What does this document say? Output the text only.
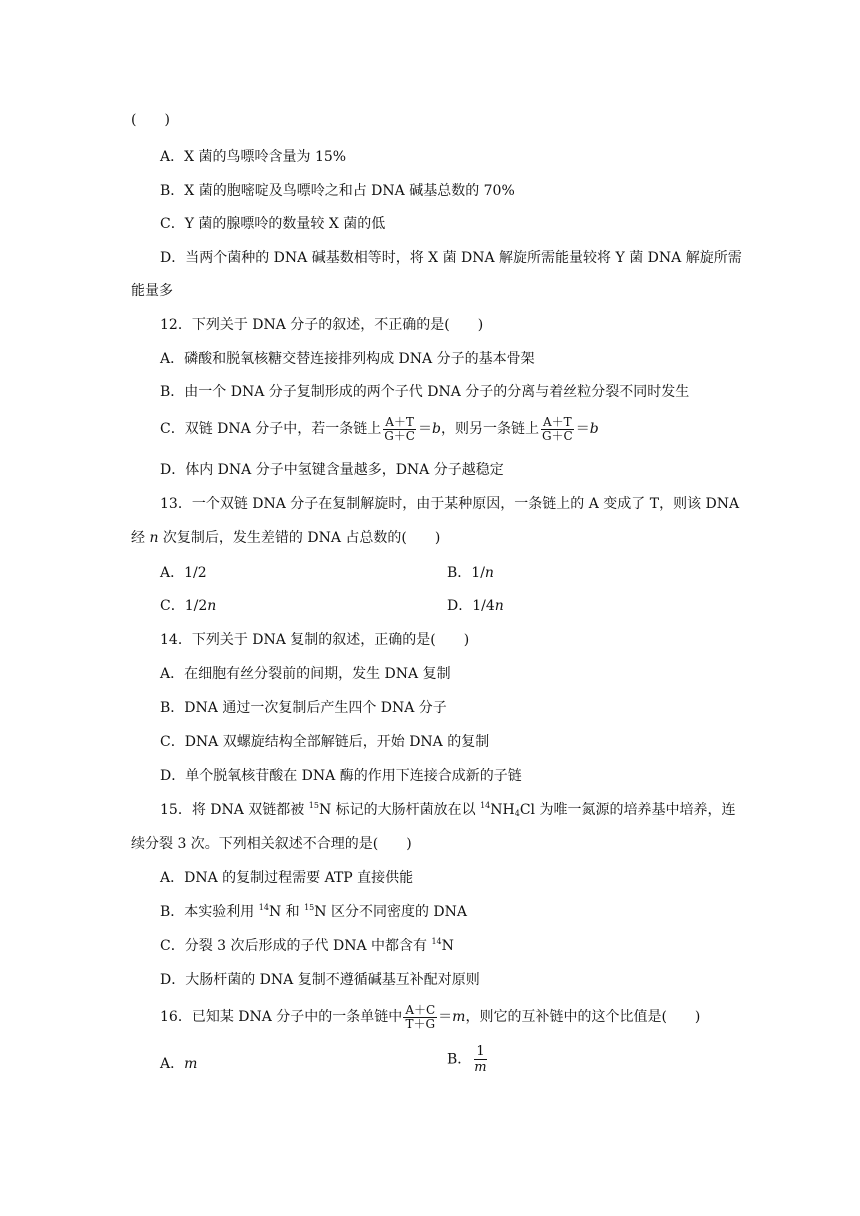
(　　)
A．X 菌的鸟嘌呤含量为 15%
B．X 菌的胞嘧啶及鸟嘌呤之和占 DNA 碱基总数的 70%
C．Y 菌的腺嘌呤的数量较 X 菌的低
D．当两个菌种的 DNA 碱基数相等时，将 X 菌 DNA 解旋所需能量较将 Y 菌 DNA 解旋所需
能量多
12．下列关于 DNA 分子的叙述，不正确的是(　　)
A．磷酸和脱氧核糖交替连接排列构成 DNA 分子的基本骨架
B．由一个 DNA 分子复制形成的两个子代 DNA 分子的分离与着丝粒分裂不同时发生
C．双链 DNA 分子中，若一条链上 $\frac{A+T}{G+C} =b$，则另一条链上 $\frac{A+T}{G+C} =b$
D．体内 DNA 分子中氢键含量越多，DNA 分子越稳定
13．一个双链 DNA 分子在复制解旋时，由于某种原因，一条链上的 A 变成了 T，则该 DNA
经 n 次复制后，发生差错的 DNA 占总数的(　　)
A．1/2	B．1/n
C．1/2n	D．1/4n
14．下列关于 DNA 复制的叙述，正确的是(　　)
A．在细胞有丝分裂前的间期，发生 DNA 复制
B．DNA 通过一次复制后产生四个 DNA 分子
C．DNA 双螺旋结构全部解链后，开始 DNA 的复制
D．单个脱氧核苷酸在 DNA 酶的作用下连接合成新的子链
15．将 DNA 双链都被 $^{15}$N 标记的大肠杆菌放在以 $^{14}NH_4Cl$ 为唯一氮源的培养基中培养，连
续分裂 3 次。下列相关叙述不合理的是(　　)
A．DNA 的复制过程需要 ATP 直接供能
B．本实验利用 $^{14}$N 和 $^{15}$N 区分不同密度的 DNA
C．分裂 3 次后形成的子代 DNA 中都含有 $^{14}$N
D．大肠杆菌的 DNA 复制不遵循碱基互补配对原则
16．已知某 DNA 分子中的一条单链中 $\frac{A+C}{T+G} =m$，则它的互补链中的这个比值是(　　)
A．m	B． $\frac{1}{m}$
